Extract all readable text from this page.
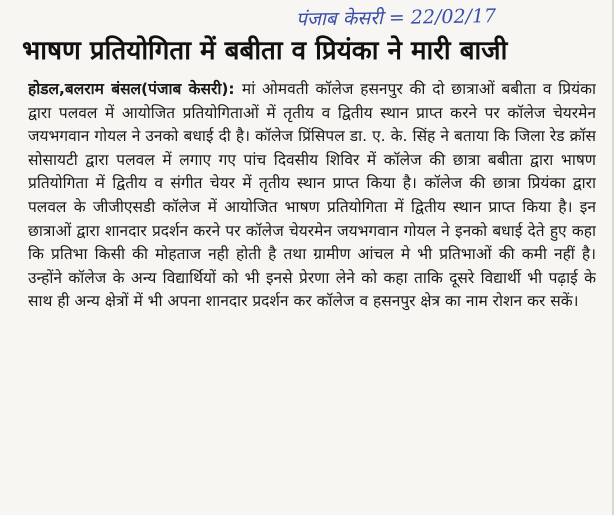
पंजाब केसरी = 22/02/17
भाषण प्रतियोगिता में बबीता व प्रियंका ने मारी बाजी
होडल,बलराम बंसल(पंजाब केसरी): मां ओमवती कॉलेज हसनपुर की दो छात्राओं बबीता व प्रियंका द्वारा पलवल में आयोजित प्रतियोगिताओं में तृतीय व द्वितीय स्थान प्राप्त करने पर कॉलेज चेयरमेन जयभगवान गोयल ने उनको बधाई दी है। कॉलेज प्रिंसिपल डा. ए. के. सिंह ने बताया कि जिला रेड क्रॉस सोसायटी द्वारा पलवल में लगाए गए पांच दिवसीय शिविर में कॉलेज की छात्रा बबीता द्वारा भाषण प्रतियोगिता में द्वितीय व संगीत चेयर में तृतीय स्थान प्राप्त किया है। कॉलेज की छात्रा प्रियंका द्वारा पलवल के जीजीएसडी कॉलेज में आयोजित भाषण प्रतियोगिता में द्वितीय स्थान प्राप्त किया है। इन छात्राओं द्वारा शानदार प्रदर्शन करने पर कॉलेज चेयरमेन जयभगवान गोयल ने इनको बधाई देते हुए कहा कि प्रतिभा किसी की मोहताज नही होती है तथा ग्रामीण आंचल मे भी प्रतिभाओं की कमी नहीं है। उन्होंने कॉलेज के अन्य विद्यार्थियों को भी इनसे प्रेरणा लेने को कहा ताकि दूसरे विद्यार्थी भी पढ़ाई के साथ ही अन्य क्षेत्रों में भी अपना शानदार प्रदर्शन कर कॉलेज व हसनपुर क्षेत्र का नाम रोशन कर सकें।
